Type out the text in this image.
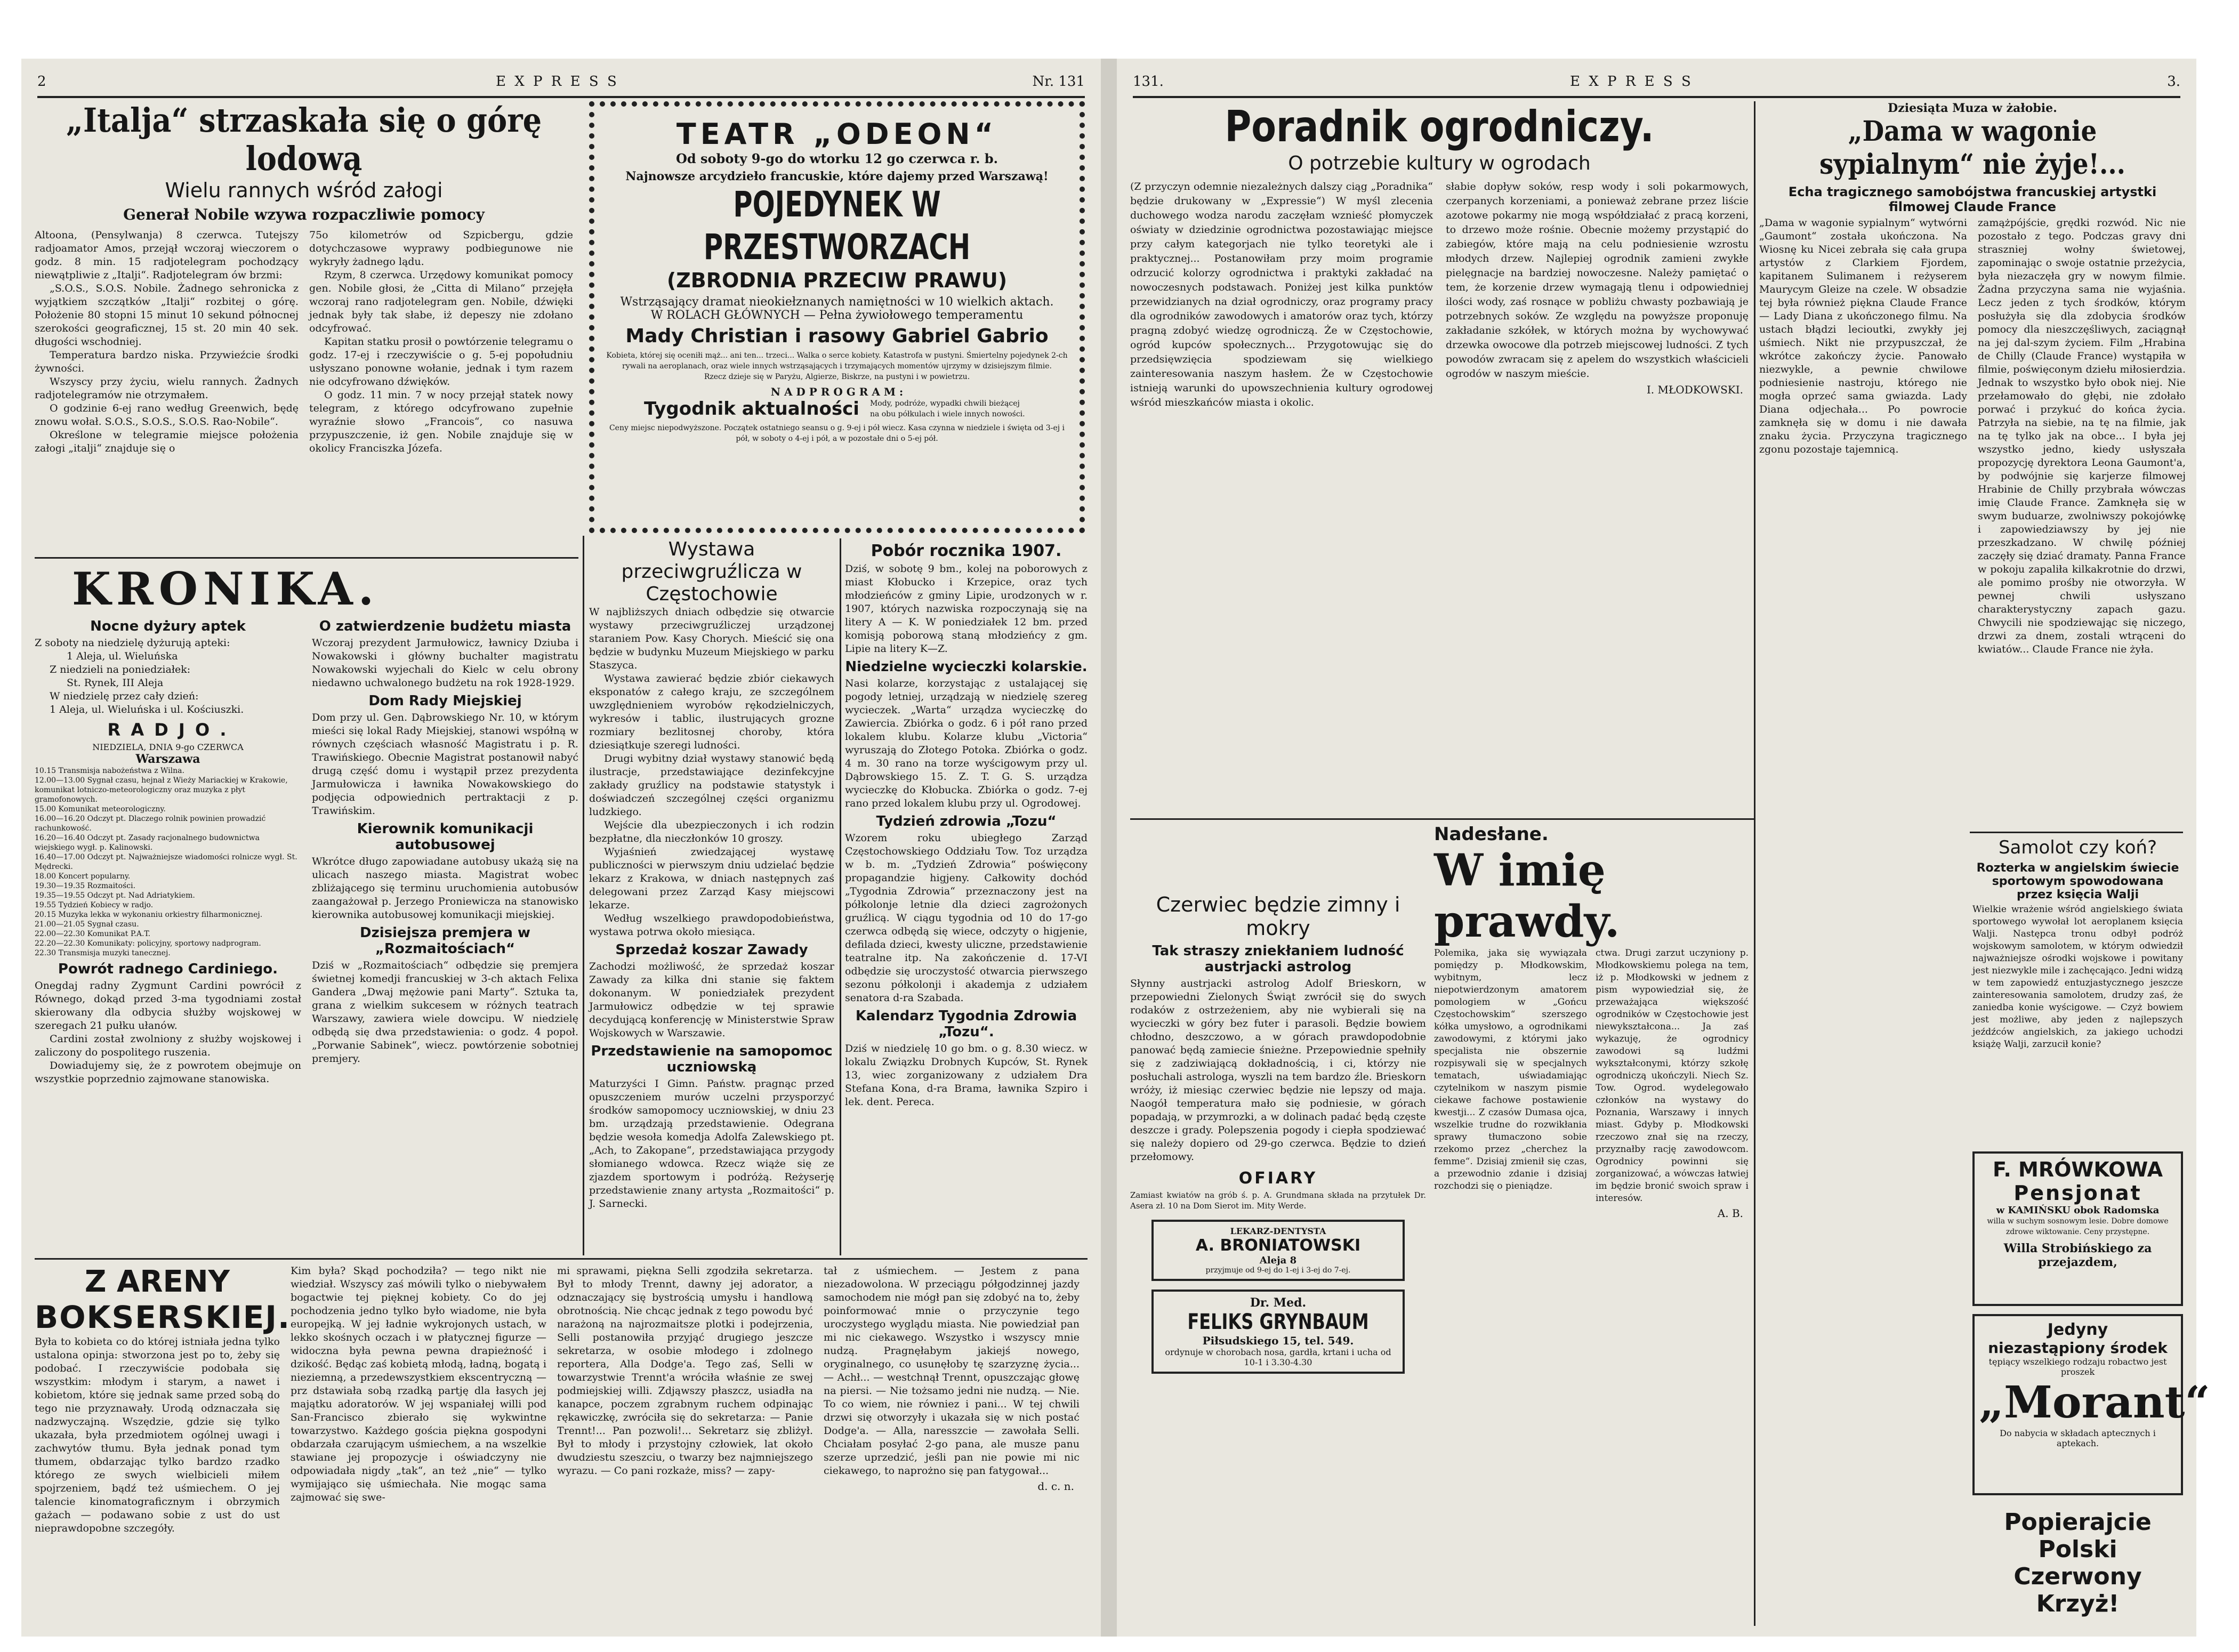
2	E X P R E S S	Nr. 131
„Italja“ strzaskała się o górę lodową
Wielu rannych wśród załogi
Generał Nobile wzywa rozpaczliwie pomocy

Altoona, (Pensylwanja) 8 czerwca. Tutejszy radjoamator Amos, przejął wczoraj wieczorem o godz. 8 min. 15 radjotelegram pochodzący niewątpliwie z „Italji“. Radjotelegram ów brzmi:

„S.O.S., S.O.S. Nobile. Żadnego sehronicka z wyjątkiem szczątków „Italji“ rozbitej o górę. Położenie 80 stopni 15 minut 10 sekund północnej szerokości geograficznej, 15 st. 20 min 40 sek. długości wschodniej.

Temperatura bardzo niska. Przywieźcie środki żywności.

Wszyscy przy życiu, wielu rannych. Żadnych radjotelegramów nie otrzymałem.

O godzinie 6-ej rano według Greenwich, będę znowu wołał. S.O.S., S.O.S., S.O.S. Rao-Nobile“.

Określone w telegramie miejsce położenia załogi „italji“ znajduje się o

75o kilometrów od Szpicbergu, gdzie dotychczasowe wyprawy podbiegunowe nie wykryły żadnego lądu.

Rzym, 8 czerwca. Urzędowy komunikat pomocy gen. Nobile głosi, że „Citta di Milano“ przejęła wczoraj rano radjotelegram gen. Nobile, dźwięki jednak były tak słabe, iż depeszy nie zdołano odcyfrować.

Kapitan statku prosił o powtórzenie telegramu o godz. 17-ej i rzeczywiście o g. 5-ej popołudniu usłyszano ponowne wołanie, jednak i tym razem nie odcyfrowano dźwięków.

O godz. 11 min. 7 w nocy przejął statek nowy telegram, z którego odcyfrowano zupełnie wyraźnie słowo „Francois“, co nasuwa przypuszczenie, iż gen. Nobile znajduje się w okolicy Franciszka Józefa.

TEATR „ODEON“
Od soboty 9-go do wtorku 12 go czerwca r. b.
Najnowsze arcydzieło francuskie, które dajemy przed Warszawą!
POJEDYNEK W PRZESTWORZACH
(ZBRODNIA PRZECIW PRAWU)
Wstrząsający dramat nieokiełznanych namiętności w 10 wielkich aktach.
W ROLACH GŁÓWNYCH — Pełna żywiołowego temperamentu
Mady Christian i rasowy Gabriel Gabrio
Kobieta, której się oceniłi mąż... ani ten... trzeci... Walka o serce kobiety. Katastrofa w pustyni. Śmiertelny pojedynek 2-ch rywali na aeroplanach, oraz wiele innych wstrząsających i trzymających momentów ujrzymy w dzisiejszym filmie.
Rzecz dzieje się w Paryżu, Algierze, Biskrze, na pustyni i w powietrzu.
N A D P R O G R A M :
Tygodnik aktualności Mody, podróże, wypadki chwili bieżącej na obu półkulach i wiele innych nowości.
Ceny miejsc niepodwyższone. Początek ostatniego seansu o g. 9-ej i pół wiecz. Kasa czynna w niedziele i święta od 3-ej i pół, w soboty o 4-ej i pół, a w pozostałe dni o 5-ej pół.
KRONIKA.
Nocne dyżury aptek

Z soboty na niedzielę dyżurują apteki:

1 Aleja, ul. Wieluńska

Z niedzieli na poniedziałek:

St. Rynek, III Aleja

W niedzielę przez cały dzień:

1 Aleja, ul. Wieluńska i ul. Kościuszki.

R A D J O .
NIEDZIELA, DNIA 9-go CZERWCA
Warszawa
10.15 Transmisja nabożeństwa z Wilna.
12.00—13.00 Sygnał czasu, hejnał z Wieży Mariackiej w Krakowie, komunikat lotniczo-meteorologiczny oraz muzyka z płyt gramofonowych.
15.00 Komunikat meteorologiczny.
16.00—16.20 Odczyt pt. Dlaczego rolnik powinien prowadzić rachunkowość.
16.20—16.40 Odczyt pt. Zasady racjonalnego budownictwa wiejskiego wygł. p. Kalinowski.
16.40—17.00 Odczyt pt. Najważniejsze wiadomości rolnicze wygł. St. Mędrecki.
18.00 Koncert popularny.
19.30—19.35 Rozmaitości.
19.35—19.55 Odczyt pt. Nad Adriatykiem.
19.55 Tydzień Kobiecy w radjo.
20.15 Muzyka lekka w wykonaniu orkiestry filharmonicznej.
21.00—21.05 Sygnał czasu.
22.00—22.30 Komunikat P.A.T.
22.20—22.30 Komunikaty: policyjny, sportowy nadprogram.
22.30 Transmisja muzyki tanecznej.
Powrót radnego Cardiniego.

Onegdaj radny Zygmunt Cardini powrócił z Równego, dokąd przed 3-ma tygodniami został skierowany dla odbycia służby wojskowej w szeregach 21 pułku ułanów.

Cardini został zwolniony z służby wojskowej i zaliczony do pospolitego ruszenia.

Dowiadujemy się, że z powrotem obejmuje on wszystkie poprzednio zajmowane stanowiska.

O zatwierdzenie budżetu miasta

Wczoraj prezydent Jarmułowicz, ławnicy Dziuba i Nowakowski i główny buchalter magistratu Nowakowski wyjechali do Kielc w celu obrony niedawno uchwalonego budżetu na rok 1928-1929.

Dom Rady Miejskiej

Dom przy ul. Gen. Dąbrowskiego Nr. 10, w którym mieści się lokal Rady Miejskiej, stanowi współną w równych częściach własność Magistratu i p. R. Trawińskiego. Obecnie Magistrat postanowił nabyć drugą część domu i wystąpił przez prezydenta Jarmułowicza i ławnika Nowakowskiego do podjęcia odpowiednich pertraktacji z p. Trawińskim.

Kierownik komunikacji autobusowej

Wkrótce długo zapowiadane autobusy ukażą się na ulicach naszego miasta. Magistrat wobec zbliżającego się terminu uruchomienia autobusów zaangażował p. Jerzego Proniewicza na stanowisko kierownika autobusowej komunikacji miejskiej.

Dzisiejsza premjera w „Rozmaitościach“

Dziś w „Rozmaitościach“ odbędzie się premjera świetnej komedji francuskiej w 3-ch aktach Felixa Gandera „Dwaj mężowie pani Marty“. Sztuka ta, grana z wielkim sukcesem w różnych teatrach Warszawy, zawiera wiele dowcipu. W niedzielę odbędą się dwa przedstawienia: o godz. 4 popoł. „Porwanie Sabinek“, wiecz. powtórzenie sobotniej premjery.

Wystawa przeciwgruźlicza w Częstochowie

W najbliższych dniach odbędzie się otwarcie wystawy przeciwgruźliczej urządzonej staraniem Pow. Kasy Chorych. Mieścić się ona będzie w budynku Muzeum Miejskiego w parku Staszyca.

Wystawa zawierać będzie zbiór ciekawych eksponatów z całego kraju, ze szczególnem uwzględnieniem wyrobów rękodzielniczych, wykresów i tablic, ilustrujących grozne rozmiary bezlitosnej choroby, która dziesiątkuje szeregi ludności.

Drugi wybitny dział wystawy stanowić będą ilustracje, przedstawiające dezinfekcyjne zakłady gruźlicy na podstawie statystyk i doświadczeń szczególnej części organizmu ludzkiego.

Wejście dla ubezpieczonych i ich rodzin bezpłatne, dla nieczłonków 10 groszy.

Wyjaśnień zwiedzającej wystawę publiczności w pierwszym dniu udzielać będzie lekarz z Krakowa, w dniach następnych zaś delegowani przez Zarząd Kasy miejscowi lekarze.

Według wszelkiego prawdopodobieństwa, wystawa potrwa około miesiąca.

Sprzedaż koszar Zawady

Zachodzi możliwość, że sprzedaż koszar Zawady za kilka dni stanie się faktem dokonanym. W poniedziałek prezydent Jarmułowicz odbędzie w tej sprawie decydującą konferencję w Ministerstwie Spraw Wojskowych w Warszawie.

Przedstawienie na samopomoc uczniowską

Maturzyści I Gimn. Państw. pragnąc przed opuszczeniem murów uczelni przysporzyć środków samopomocy uczniowskiej, w dniu 23 bm. urządzają przedstawienie. Odegrana będzie wesoła komedja Adolfa Zalewskiego pt. „Ach, to Zakopane“, przedstawiająca przygody słomianego wdowca. Rzecz wiąże się ze zjazdem sportowym i podróżą. Reżyserję przedstawienie znany artysta „Rozmaitości“ p. J. Sarnecki.

Pobór rocznika 1907.

Dziś, w sobotę 9 bm., kolej na poborowych z miast Kłobucko i Krzepice, oraz tych młodzieńców z gminy Lipie, urodzonych w r. 1907, których nazwiska rozpoczynają się na litery A — K. W poniedziałek 12 bm. przed komisją poborową staną młodzieńcy z gm. Lipie na litery K—Z.

Niedzielne wycieczki kolarskie.

Nasi kolarze, korzystając z ustalającej się pogody letniej, urządzają w niedzielę szereg wycieczek. „Warta“ urządza wycieczkę do Zawiercia. Zbiórka o godz. 6 i pół rano przed lokalem klubu. Kolarze klubu „Victoria“ wyruszają do Złotego Potoka. Zbiórka o godz. 4 m. 30 rano na torze wyścigowym przy ul. Dąbrowskiego 15. Z. T. G. S. urządza wycieczkę do Kłobucka. Zbiórka o godz. 7-ej rano przed lokalem klubu przy ul. Ogrodowej.

Tydzień zdrowia „Tozu“

Wzorem roku ubiegłego Zarząd Częstochowskiego Oddziału Tow. Toz urządza w b. m. „Tydzień Zdrowia“ poświęcony propagandzie higjeny. Całkowity dochód „Tygodnia Zdrowia“ przeznaczony jest na półkolonje letnie dla dzieci zagrożonych gruźlicą. W ciągu tygodnia od 10 do 17-go czerwca odbędą się wiece, odczyty o higjenie, defilada dzieci, kwesty uliczne, przedstawienie teatralne itp. Na zakończenie d. 17-VI odbędzie się uroczystość otwarcia pierwszego sezonu półkolonji i akademja z udziałem senatora d-ra Szabada.

Kalendarz Tygodnia Zdrowia „Tozu“.

Dziś w niedzielę 10 go bm. o g. 8.30 wiecz. w lokalu Związku Drobnych Kupców, St. Rynek 13, wiec zorganizowany z udziałem Dra Stefana Konа, d-ra Brama, ławnika Szpiro i lek. dent. Pereca.

Z ARENY
BOKSERSKIEJ.

Była to kobieta co do której istniała jedna tylko ustalona opinja: stworzona jest po to, żeby się podobać. I rzeczywiście podobała się wszystkim: młodym i starym, a nawet i kobietom, które się jednak same przed sobą do tego nie przyznawały. Urodą odznaczała się nadzwyczajną. Wszędzie, gdzie się tylko ukazała, była przedmiotem ogólnej uwagi i zachwytów tłumu. Była jednak ponad tym tłumem, obdarzając tylko bardzo rzadko którego ze swych wielbicieli miłem spojrzeniem, bądź też uśmiechem. O jej talencie kinomatograficznym i obrzymich gażach — podawano sobie z ust do ust nieprawdopobne szczegóły.

Kim była? Skąd pochodziła? — tego nikt nie wiedział. Wszyscy zaś mówili tylko o niebywałem bogactwie tej pięknej kobiety. Co do jej pochodzenia jedno tylko było wiadome, nie była europejką. W jej ładnie wykrojonych ustach, w lekko skośnych oczach i w płatycznej figurze — widoczna była pewna pewna drapieżność i dzikość. Będąc zaś kobietą młodą, ładną, bogatą i nieziemną, a przedewszystkiem ekscentryczną — prz dstawiała sobą rzadką partję dla łasych jej majątku adoratorów. W jej wspaniałej willi pod San-Francisco zbierało się wykwintne towarzystwo. Każdego gościa piękna gospodyni obdarzała czarującym uśmiechem, a na wszelkie stawiane jej propozycje i oświadczyny nie odpowiadała nigdy „tak“, an też „nie“ — tylko wymijająco się uśmiechała. Nie mogąc sama zajmować się swe-

mi sprawami, piękna Selli zgodziła sekretarza. Był to młody Trennt, dawny jej adorator, a odznaczający się bystrością umysłu i handlową obrotnością. Nie chcąc jednak z tego powodu być narażoną na najrozmaitsze plotki i podejrzenia, Selli postanowiła przyjąć drugiego jeszcze sekretarza, w osobie młodego i zdolnego reportera, Alla Dodge'a. Tego zaś, Selli w towarzystwie Trennt'a wróciła właśnie ze swej podmiejskiej willi. Zdjąwszy płaszcz, usiadła na kanapce, poczem zgrabnym ruchem odpinając rękawiczkę, zwróciła się do sekretarza: — Panie Trennt!... Pan pozwoli!... Sekretarz się zbliżył. Był to młody i przystojny człowiek, lat około dwudziestu szeszciu, o twarzy bez najmniejszego wyrazu. — Co pani rozkaże, miss? — zapy-

tał z uśmiechem. — Jestem z pana niezadowolona. W przeciągu półgodzinnej jazdy samochodem nie mógł pan się zdobyć na to, żeby poinformować mnie o przyczynie tego uroczystego wyglądu miasta. Nie powiedział pan mi nic ciekawego. Wszystko i wszyscy mnie nudzą. Pragnęłabym jakiejś nowego, oryginalnego, co usunęłoby tę szarzyznę życia... — Achł... — westchnął Trennt, opuszczając głowę na piersi. — Nie tożsamo jedni nie nudzą. — Nie. To co wiem, nie równiez i pani... W tej chwili drzwi się otworzyły i ukazała się w nich postać Dodge'a. — Alla, naresszcie — zawołała Selli. Chciałam posyłać 2-go pana, ale musze panu szerze uprzedzić, jeśli pan nie powie mi nic ciekawego, to naprożno się pan fatygował...

d. c. n.
131.	E X P R E S S	3.
Poradnik ogrodniczy.
O potrzebie kultury w ogrodach

(Z przyczyn odemnie niezależnych dalszy ciąg „Poradnika“ będzie drukowany w „Expressie“) W myśl zlecenia duchowego wodza narodu zaczęłam wznieść płomyczek oświaty w dziedzinie ogrodnictwa pozostawiając miejsce przy całym kategorjach nie tylko teoretyki ale i praktycznej... Postanowiłam przy moim programie odrzucić kolorzy ogrodnictwa i praktyki zakładać na nowoczesnych podstawach. Poniżej jest kilka punktów przewidzianych na dział ogrodniczy, oraz programy pracy dla ogrodników zawodowych i amatorów oraz tych, którzy pragną zdobyć wiedzę ogrodniczą. Że w Częstochowie, ogród kupców społecznych... Przygotowując się do przedsięwzięcia spodziewam się wielkiego zainteresowania naszym hasłem. Że w Częstochowie istnieją warunki do upowszechnienia kultury ogrodowej wśród mieszkańców miasta i okolic.

słabie dopływ soków, resp wody i soli pokarmowych, czerpanych korzeniami, a ponieważ zebrane przez liście azotowe pokarmy nie mogą współdziałać z pracą korzeni, to drzewo może rośnie. Obecnie możemy przystąpić do zabiegów, które mają na celu podniesienie wzrostu młodych drzew. Najlepiej ogrodnik zamieni zwykłe pielęgnacje na bardziej nowoczesne. Należy pamiętać o tem, że korzenie drzew wymagają tlenu i odpowiedniej ilości wody, zaś rosnące w pobliżu chwasty pozbawiają je potrzebnych soków. Ze względu na powyższe proponuję zakładanie szkółek, w których można by wychowywać drzewka owocowe dla potrzeb miejscowej ludności. Z tych powodów zwracam się z apelem do wszystkich właścicieli ogrodów w naszym mieście.

I. MŁODKOWSKI.
Nadesłane.
W imię prawdy.

Polemika, jaka się wywiązała pomiędzy p. Młodkowskim, wybitnym, lecz niepotwierdzonym amatorem pomologiem w „Gońcu Częstochowskim“ szerszego kółka umysłowo, a ogrodnikami zawodowymi, z którymi jako specjalista nie obszernie rozpisywali się w specjalnych tematach, uświadamiając czytelnikom w naszym pismie ciekawe fachowe postawienie kwestji... Z czasów Dumasa ojca, wszelkie trudne do rozwikłania sprawy tłumaczono sobie rzekomo przez „cherchez la femme“. Dzisiaj zmienił się czas, a przewodnio zdanie i dzisiaj rozchodzi się o pieniądze.

ctwa. Drugi zarzut uczyniony p. Młodkowskiemu polega na tem, iż p. Młodkowski w jednem z pism wypowiedział się, że przeważająca większość ogrodników w Częstochowie jest niewykształcona... Ja zaś wykazuję, że ogrodnicy zawodowi są ludźmi wykształconymi, którzy szkołę ogrodniczą ukończyli. Niech Sz. Tow. Ogrod. wydelegowało członków na wystawy do Poznania, Warszawy i innych miast. Gdyby p. Młodkowski rzeczowo znał się na rzeczy, przyznałby rację zawodowcom. Ogrodnicy powinni się zorganizować, a wówczas łatwiej im będzie bronić swoich spraw i interesów.

A. B.
Czerwiec będzie zimny i mokry
Tak straszy zniekłaniem ludność austrjacki astrolog

Słynny austrjacki astrolog Adolf Brieskorn, w przepowiedni Zielonych Świąt zwrócił się do swych rodaków z ostrzeżeniem, aby nie wybierali się na wycieczki w góry bez futer i parasoli. Będzie bowiem chłodno, deszczowo, a w górach prawdopodobnie panować będą zamiecie śnieżne. Przepowiednie spełniły się z zadziwiającą dokładnością, i ci, którzy nie posłuchali astrologa, wyszli na tem bardzo źle. Brieskorn wróży, iż miesiąc czerwiec będzie nie lepszy od maja. Naogół temperatura mało się podniesie, w górach popadają, w przymrozki, a w dolinach padać będą częste deszcze i grady. Polepszenia pogody i ciepła spodziewać się należy dopiero od 29-go czerwca. Będzie to dzień przełomowy.

OFIARY

Zamiast kwiatów na grób ś. p. A. Grundmana składa na przytułek Dr. Asera zł. 10 na Dom Sierot im. Mity Werde.

LEKARZ-DENTYSTA
A. BRONIATOWSKI
Aleja 8
przyjmuje od 9-ej do 1-ej i 3-ej do 7-ej.
Dr. Med.
FELIKS GRYNBAUM
Piłsudskiego 15, tel. 549.
ordynuje w chorobach nosa, gardła, krtani i ucha od 10-1 i 3.30-4.30
Dziesiąta Muza w żałobie.
„Dama w wagonie sypialnym“ nie żyje!...
Echa tragicznego samobójstwa francuskiej artystki filmowej Claude France

„Dama w wagonie sypialnym“ wytwórni „Gaumont“ została ukończona. Na Wiosnę ku Nicei zebrała się cała grupa artystów z Clarkiem Fjordem, kapitanem Sulimanem i reżyserem Maurycym Gleize na czele. W obsadzie tej była również piękna Claude France — Lady Diana z ukończonego filmu. Na ustach błądzi lecioutki, zwykły jej uśmiech. Nikt nie przypuszczał, że wkrótce zakończy życie. Panowało niezwykle, a pewnie chwilowe podniesienie nastroju, którego nie mogła oprzeć sama gwiazda. Lady Diana odjechała... Po powrocie zamknęła się w domu i nie dawała znaku życia. Przyczyna tragicznego zgonu pozostaje tajemnicą.

zamążpójście, grędki rozwód. Nic nie pozostało z tego. Podczas gravy dni straszniej wołny świetowej, zapominając o swoje ostatnie przeżycia, była niezaczęła gry w nowym filmie. Żadna przyczyna sama nie wyjaśnia. Lecz jeden z tych środków, którym posłużyła się dla zdobycia środków pomocy dla nieszczęśliwych, zaciągnął na jej dal-szym życiem. Film „Hrabina de Chilly (Claude France) wystąpiła w filmie, poświęconym dziełu miłosierdzia. Jednak to wszystko było obok niej. Nie przełamowało do głębi, nie zdołało porwać i przykuć do końca życia. Patrzyła na siebie, na tę na filmie, jak na tę tylko jak na obce... I była jej wszystko jedno, kiedy usłyszała propozycję dyrektora Leona Gaumont'a, by podwójnie się karjerze filmowej Hrabinie de Chilly przybrała wówczas imię Claude France. Zamknęła się w swym buduarze, zwolniwszy pokojówkę i zapowiedziawszy by jej nie przeszkadzano. W chwilę później zaczęły się dziać dramaty. Panna France w pokoju zapaliła kilkakrotnie do drzwi, ale pomimo prośby nie otworzyła. W pewnej chwili usłyszano charakterystyczny zapach gazu. Chwycili nie spodziewając się niczego, drzwi za dnem, zostali wtrąceni do kwiatów... Claude France nie żyła.

Samolot czy koń?
Rozterka w angielskim świecie sportowym spowodowana przez księcia Walji

Wielkie wrażenie wśród angielskiego świata sportowego wywołał lot aeroplanem księcia Walji. Następca tronu odbył podróż wojskowym samolotem, w którym odwiedził najważniejsze ośrodki wojskowe i powitany jest niezwykle mile i zachęcająco. Jedni widzą w tem zapowiedź entuzjastycznego jeszcze zainteresowania samolotem, drudzy zaś, że zaniedba konie wyścigowe. — Czyż bowiem jest możliwe, aby jeden z najlepszych jeźdźców angielskich, za jakiego uchodzi książę Walji, zarzucił konie?

F. MRÓWKOWA
Pensjonat
w KAMIŃSKU obok Radomska
willa w suchym sosnowym lesie. Dobre domowe zdrowe wiktowanie. Ceny przystępne.
Willa Strobińskiego za przejazdem,
Jedyny
niezastąpiony środek
tępiący wszelkiego rodzaju robactwo jest proszek
„Morant“
Do nabycia w składach aptecznych i aptekach.
Popierajcie Polski
Czerwony Krzyż!
